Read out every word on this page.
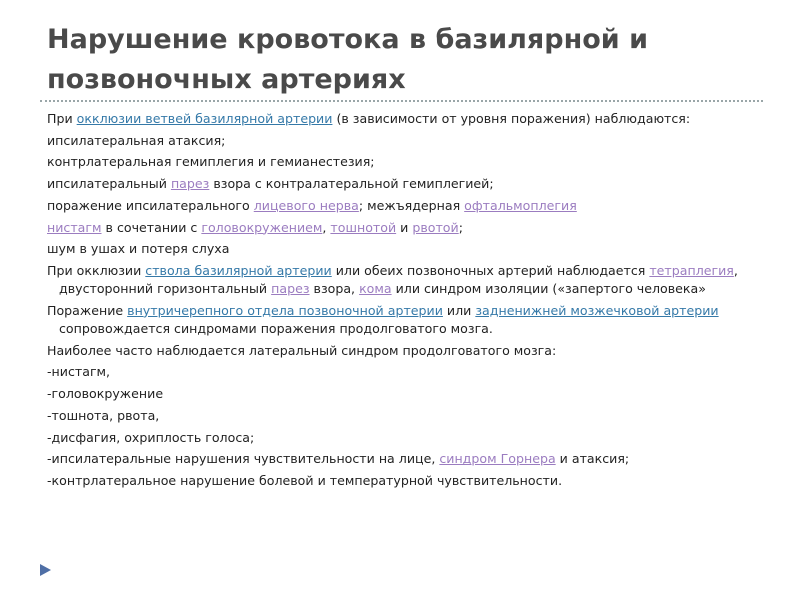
Нарушение кровотока в базилярной и позвоночных артериях

При окклюзии ветвей базилярной артерии (в зависимости от уровня поражения) наблюдаются:

ипсилатеральная атаксия;

контрлатеральная гемиплегия и гемианестезия;

ипсилатеральный парез взора с контралатеральной гемиплегией;

поражение ипсилатерального лицевого нерва; межъядерная офтальмоплегия

нистагм в сочетании с головокружением, тошнотой и рвотой;

шум в ушах и потеря слуха

При окклюзии ствола базилярной артерии или обеих позвоночных артерий наблюдается тетраплегия, двусторонний горизонтальный парез взора, кома или синдром изоляции («запертого человека»

Поражение внутричерепного отдела позвоночной артерии или задненижней мозжечковой артерии сопровождается синдромами поражения продолговатого мозга.

Наиболее часто наблюдается латеральный синдром продолговатого мозга:

-нистагм,

-головокружение

-тошнота, рвота,

-дисфагия, охриплость голоса;

-ипсилатеральные нарушения чувствительности на лице, синдром Горнера и атаксия;

-контрлатеральное нарушение болевой и температурной чувствительности.
